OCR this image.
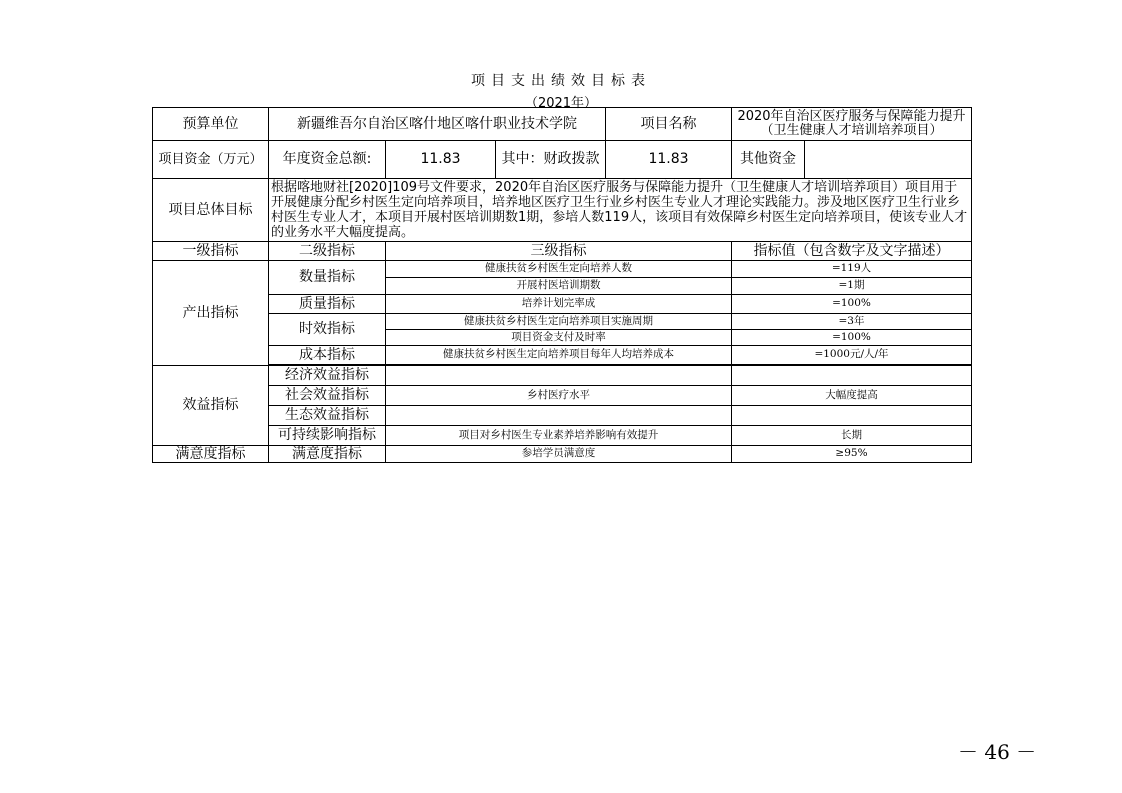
项目支出绩效目标表
（2021年）
预算单位	新疆维吾尔自治区喀什地区喀什职业技术学院			项目名称	2020年自治区医疗服务与保障能力提升（卫生健康人才培训培养项目）	
项目资金（万元）	年度资金总额:	11.83	其中：财政拨款	11.83	其他资金	
项目总体目标	根据喀地财社[2020]109号文件要求，2020年自治区医疗服务与保障能力提升（卫生健康人才培训培养项目）项目用于开展健康分配乡村医生定向培养项目，培养地区医疗卫生行业乡村医生专业人才理论实践能力。涉及地区医疗卫生行业乡村医生专业人才，本项目开展村医培训期数1期，参培人数119人，该项目有效保障乡村医生定向培养项目，使该专业人才的业务水平大幅度提高。					
一级指标	二级指标	三级指标			指标值（包含数字及文字描述）	
产出指标	数量指标	健康扶贫乡村医生定向培养人数			=119人	
		开展村医培训期数			=1期	
	质量指标	培养计划完率成			=100%	
	时效指标	健康扶贫乡村医生定向培养项目实施周期			=3年	
		项目资金支付及时率			=100%	
	成本指标	健康扶贫乡村医生定向培养项目每年人均培养成本			=1000元/人/年	

效益指标	经济效益指标					
	社会效益指标	乡村医疗水平			大幅度提高	
	生态效益指标					
	可持续影响指标	项目对乡村医生专业素养培养影响有效提升			长期	
满意度指标	满意度指标	参培学员满意度			≥95%	
－ 46 －
